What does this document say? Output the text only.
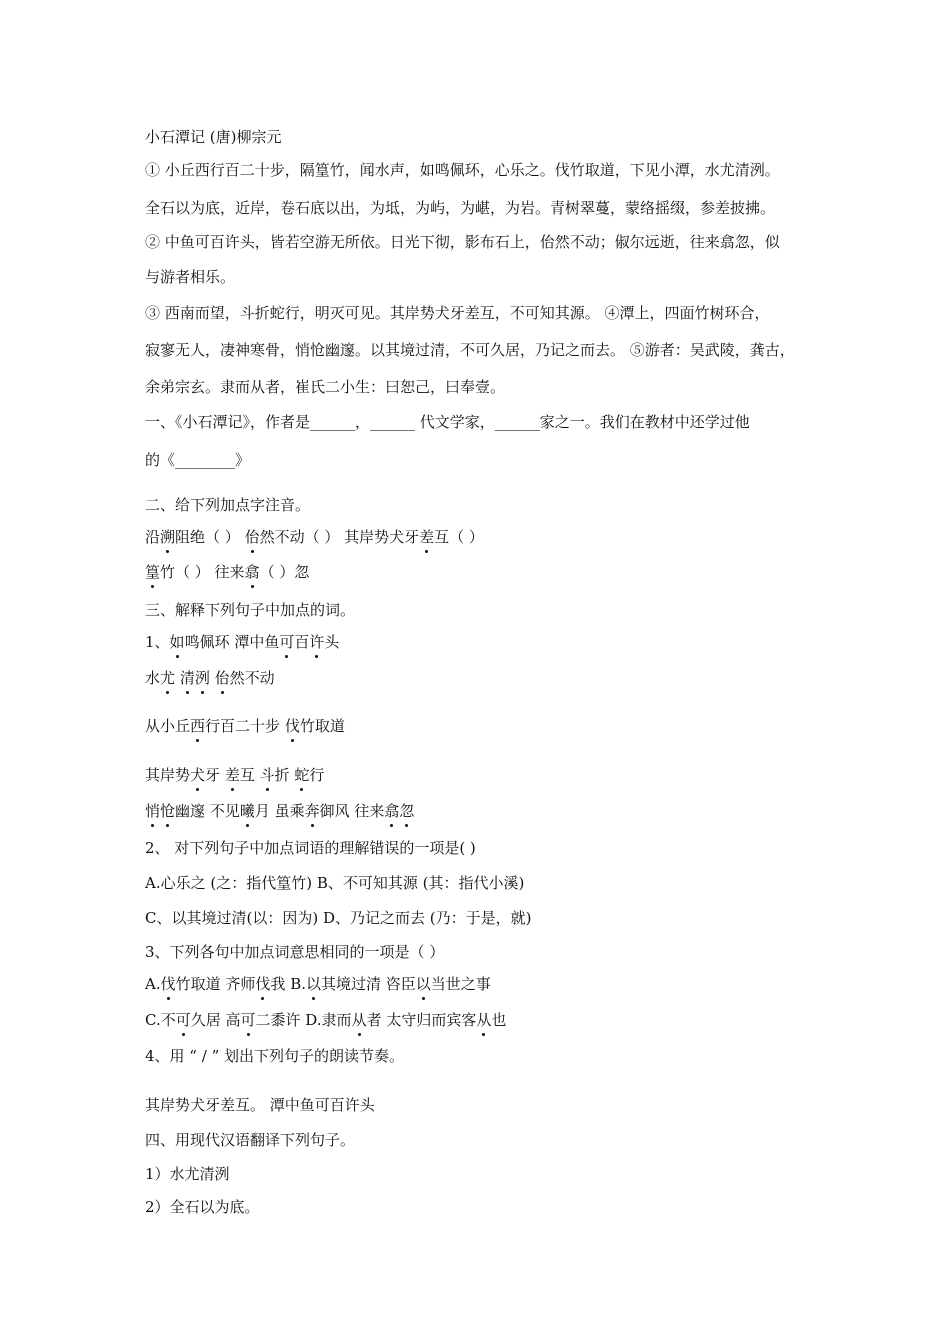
小石潭记 (唐)柳宗元
① 小丘西行百二十步，隔篁竹，闻水声，如鸣佩环，心乐之。伐竹取道，下见小潭，水尤清洌。
全石以为底，近岸，卷石底以出，为坻，为屿，为嵁，为岩。青树翠蔓，蒙络摇缀，参差披拂。
② 中鱼可百许头，皆若空游无所依。日光下彻，影布石上，佁然不动；俶尔远逝，往来翕忽，似
与游者相乐。
③ 西南而望，斗折蛇行，明灭可见。其岸势犬牙差互，不可知其源。 ④潭上，四面竹树环合，
寂寥无人，凄神寒骨，悄怆幽邃。以其境过清，不可久居，乃记之而去。 ⑤游者：吴武陵，龚古，
余弟宗玄。隶而从者，崔氏二小生：曰恕己，曰奉壹。
一、《小石潭记》，作者是______，______ 代文学家，______家之一。我们在教材中还学过他
的《________》
二、给下列加点字注音。
沿溯阻绝（ ） 佁然不动（ ） 其岸势犬牙差互（ ）
篁竹（ ） 往来翕（ ）忽
三、解释下列句子中加点的词。
1、如鸣佩环 潭中鱼可百许头
水尤 清洌 佁然不动
从小丘西行百二十步 伐竹取道
其岸势犬牙 差互 斗折 蛇行
悄怆幽邃 不见曦月 虽乘奔御风 往来翕忽
2、 对下列句子中加点词语的理解错误的一项是( )
A.心乐之 (之：指代篁竹) B、不可知其源 (其：指代小溪)
C、以其境过清(以：因为) D、乃记之而去 (乃：于是，就)
3、下列各句中加点词意思相同的一项是（ ）
A.伐竹取道 齐师伐我 B.以其境过清 咨臣以当世之事
C.不可久居 高可二黍许 D.隶而从者 太守归而宾客从也
4、用 “ / ” 划出下列句子的朗读节奏。
其岸势犬牙差互。 潭中鱼可百许头
四、用现代汉语翻译下列句子。
1）水尤清洌
2）全石以为底。
